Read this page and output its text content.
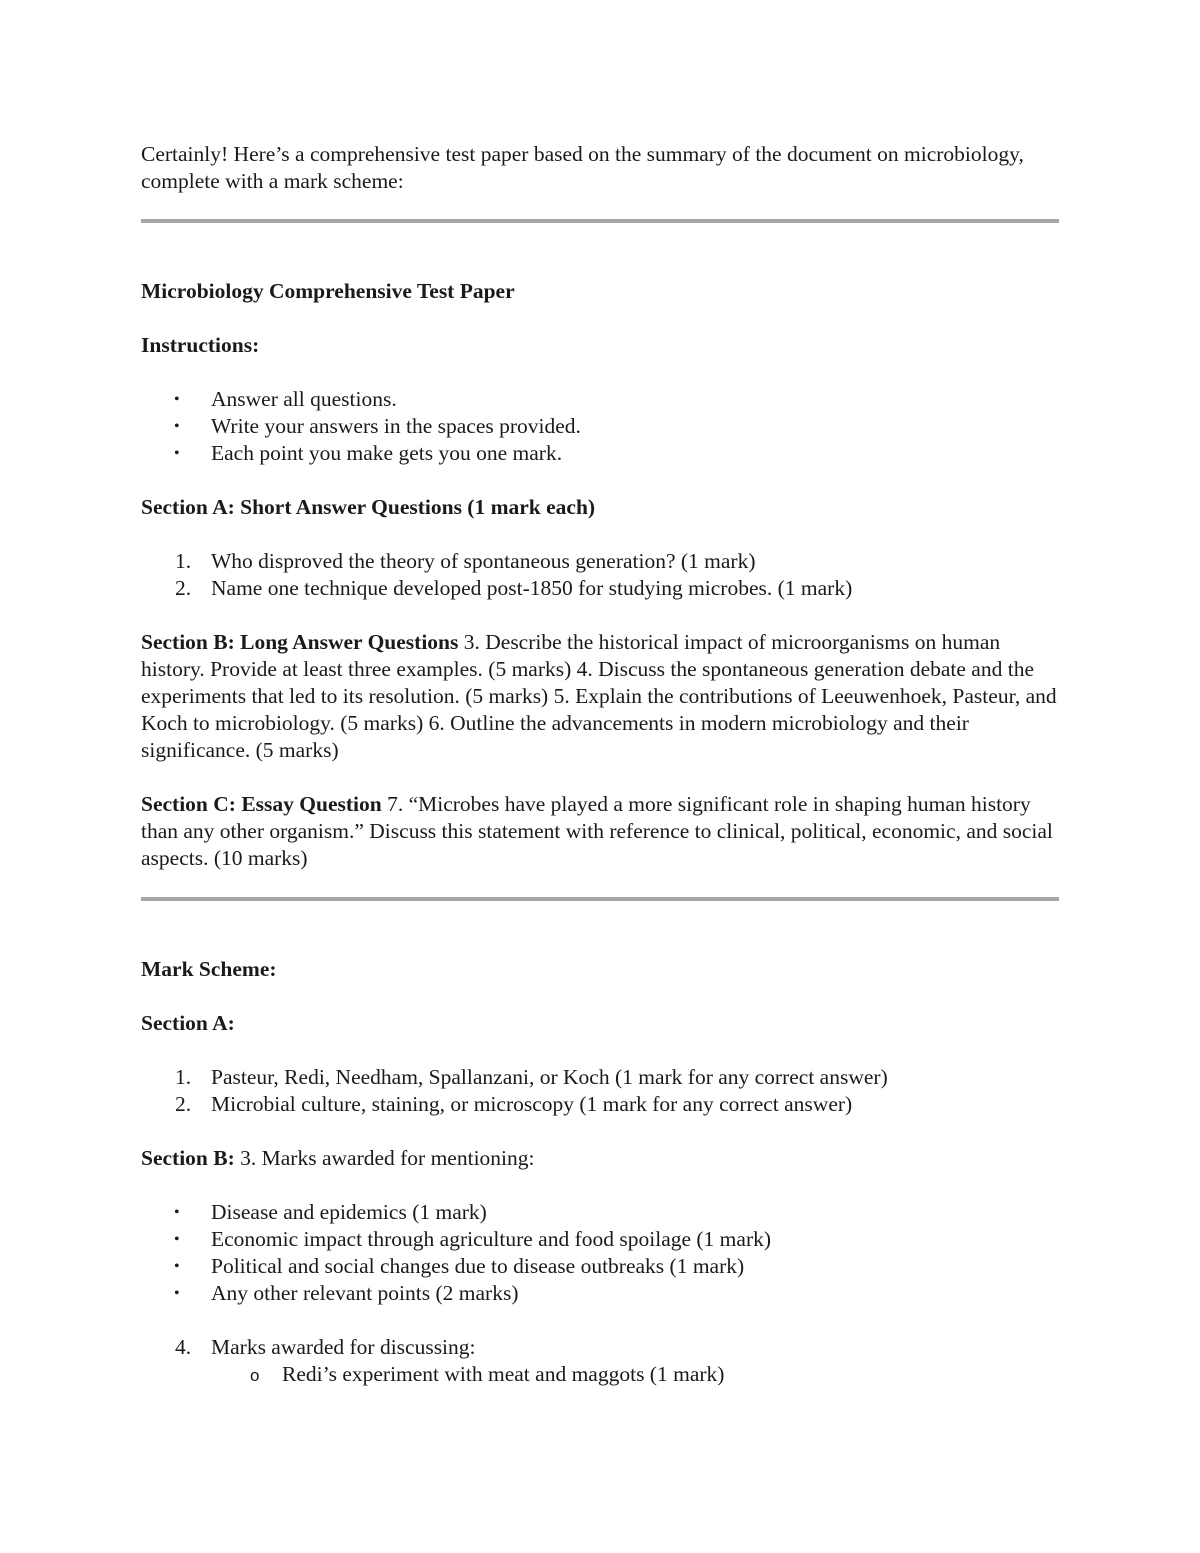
Certainly! Here’s a comprehensive test paper based on the summary of the document on microbiology, complete with a mark scheme:

Microbiology Comprehensive Test Paper

Instructions:

• Answer all questions.
• Write your answers in the spaces provided.
• Each point you make gets you one mark.

Section A: Short Answer Questions (1 mark each)

1. Who disproved the theory of spontaneous generation? (1 mark)
2. Name one technique developed post-1850 for studying microbes. (1 mark)

Section B: Long Answer Questions 3. Describe the historical impact of microorganisms on human history. Provide at least three examples. (5 marks) 4. Discuss the spontaneous generation debate and the experiments that led to its resolution. (5 marks) 5. Explain the contributions of Leeuwenhoek, Pasteur, and Koch to microbiology. (5 marks) 6. Outline the advancements in modern microbiology and their significance. (5 marks)

Section C: Essay Question 7. “Microbes have played a more significant role in shaping human history than any other organism.” Discuss this statement with reference to clinical, political, economic, and social aspects. (10 marks)

Mark Scheme:

Section A:

1. Pasteur, Redi, Needham, Spallanzani, or Koch (1 mark for any correct answer)
2. Microbial culture, staining, or microscopy (1 mark for any correct answer)

Section B: 3. Marks awarded for mentioning:

• Disease and epidemics (1 mark)
• Economic impact through agriculture and food spoilage (1 mark)
• Political and social changes due to disease outbreaks (1 mark)
• Any other relevant points (2 marks)
4. Marks awarded for discussing:
o Redi’s experiment with meat and maggots (1 mark)
